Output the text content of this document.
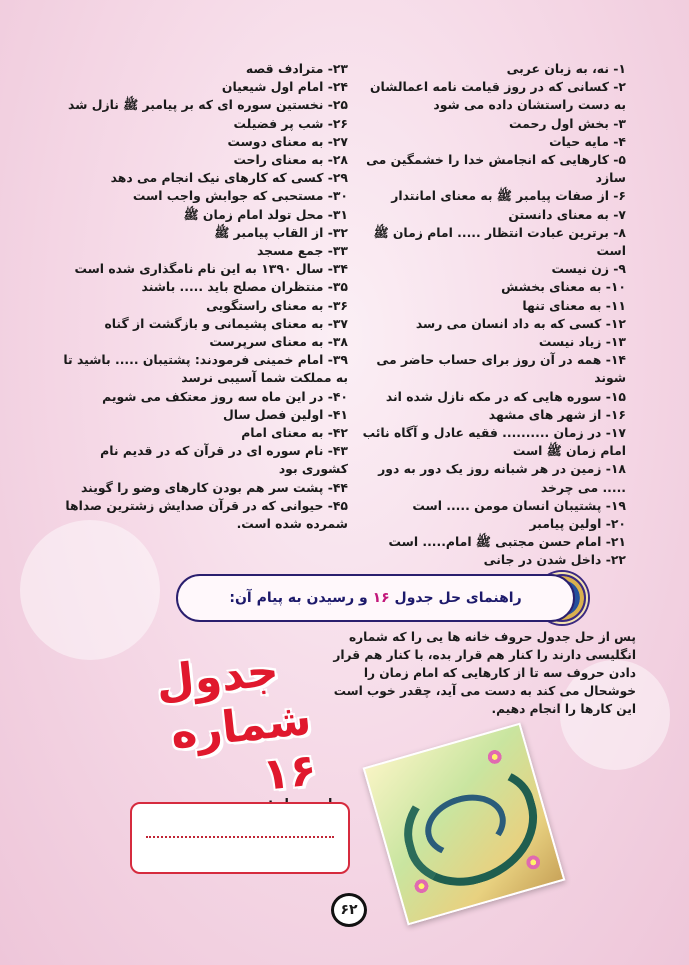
۱- نه، به زبان عربی
۲- کسانی که در روز قیامت نامه اعمالشان به دست راستشان داده می شود
۳- بخش اول رحمت
۴- مایه حیات
۵- کارهایی که انجامش خدا را خشمگین می سازد
۶- از صفات پیامبر ﷺ به معنای امانتدار
۷- به معنای دانستن
۸- برترین عبادت انتظار ..... امام زمان ﷺ است
۹- زن نیست
۱۰- به معنای بخشش
۱۱- به معنای تنها
۱۲- کسی که به داد انسان می رسد
۱۳- زیاد نیست
۱۴- همه در آن روز برای حساب حاضر می شوند
۱۵- سوره هایی که در مکه نازل شده اند
۱۶- از شهر های مشهد
۱۷- در زمان .......... فقیه عادل و آگاه نائب امام زمان ﷺ است
۱۸- زمین در هر شبانه روز یک دور به دور ..... می چرخد
۱۹- پشتیبان انسان مومن ..... است
۲۰- اولین پیامبر
۲۱- امام حسن مجتبی ﷺ امام..... است
۲۲- داخل شدن در جانی
۲۳- مترادف قصه
۲۴- امام اول شیعیان
۲۵- نخستین سوره ای که بر پیامبر ﷺ نازل شد
۲۶- شب پر فضیلت
۲۷- به معنای دوست
۲۸- به معنای راحت
۲۹- کسی که کارهای نیک انجام می دهد
۳۰- مستحبی که جوابش واجب است
۳۱- محل تولد امام زمان ﷺ
۳۲- از القاب پیامبر ﷺ
۳۳- جمع مسجد
۳۴- سال ۱۳۹۰ به این نام نامگذاری شده است
۳۵- منتظران مصلح باید ..... باشند
۳۶- به معنای راستگویی
۳۷- به معنای پشیمانی و بازگشت از گناه
۳۸- به معنای سرپرست
۳۹- امام خمینی فرمودند: پشتیبان ..... باشید تا به مملکت شما آسیبی نرسد
۴۰- در این ماه سه روز معتکف می شویم
۴۱- اولین فصل سال
۴۲- به معنای امام
۴۳- نام سوره ای در قرآن که در قدیم نام کشوری بود
۴۴- پشت سر هم بودن کارهای وضو را گویند
۴۵- حیوانی که در قرآن صدایش زشترین صداها شمرده شده است.
راهنمای حل جدول ۱۶ و رسیدن به پیام آن:
پس از حل جدول حروف خانه ها یی را که شماره انگلیسی دارند را کنار هم قرار بده، با کنار هم قرار دادن حروف سه تا از کارهایی که امام زمان را خوشحال می کند به دست می آید، چقدر خوب است این کارها را انجام دهیم.
جدول
شماره ۱۶
۶۲
